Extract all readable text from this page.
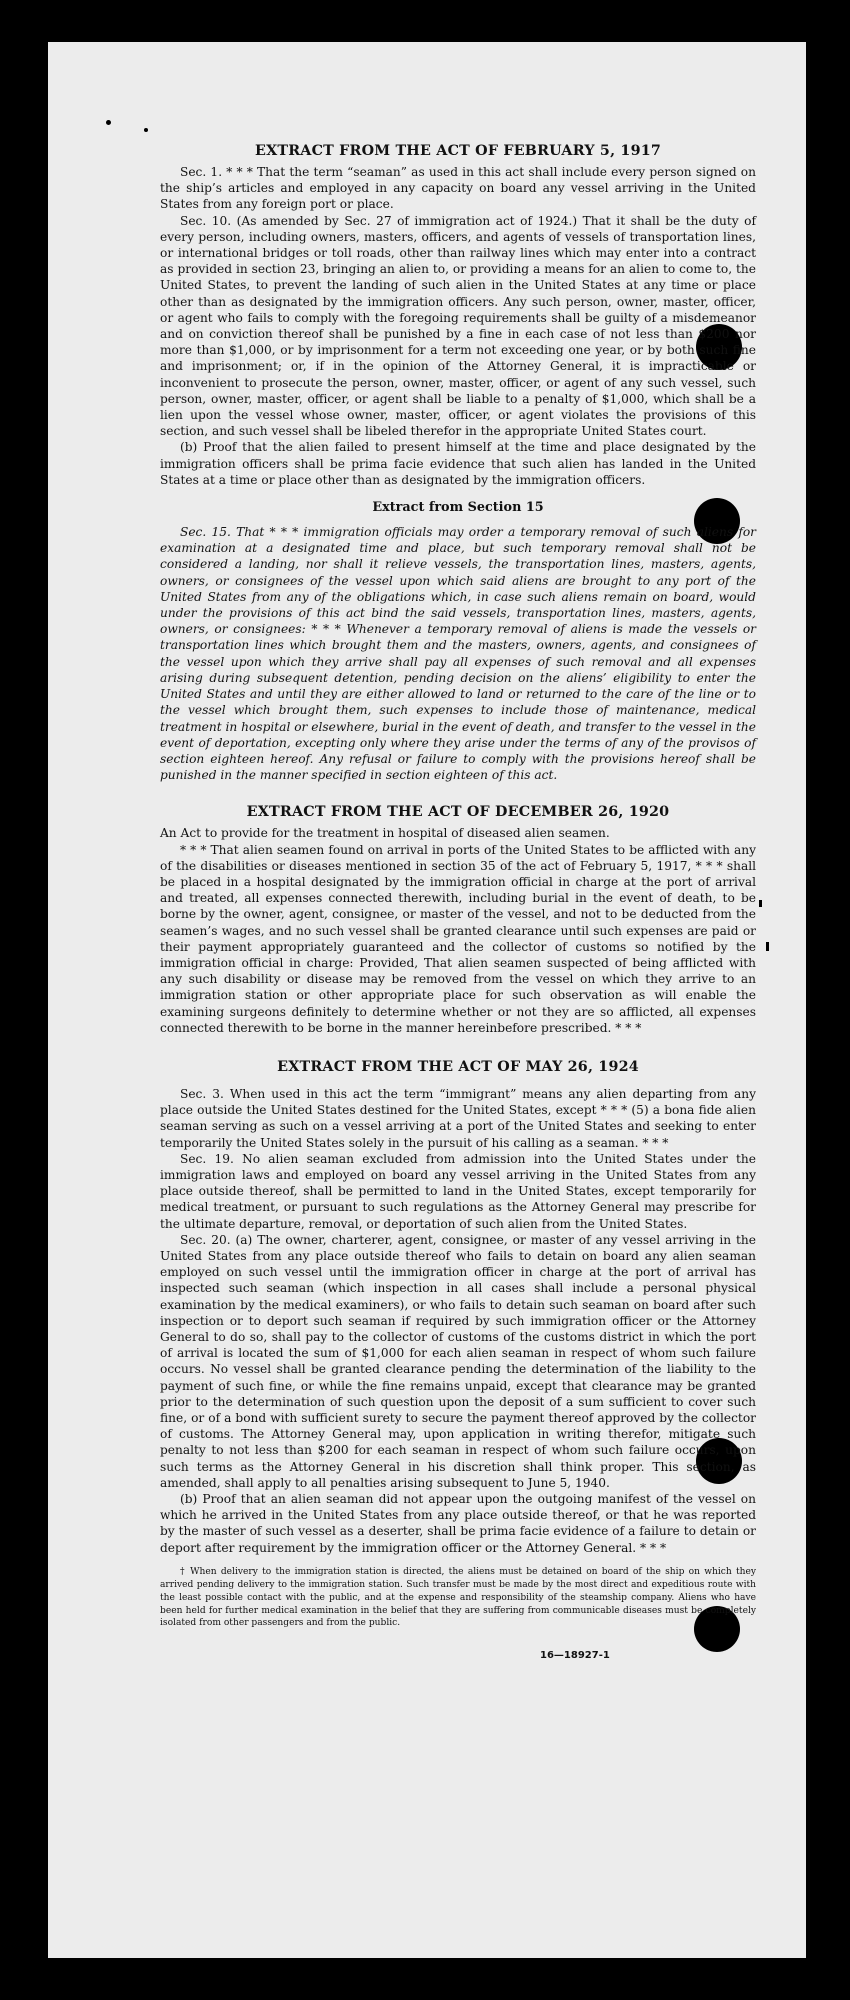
EXTRACT FROM THE ACT OF FEBRUARY 5, 1917

Sec. 1. * * * That the term “seaman” as used in this act shall include every person signed on the ship’s articles and employed in any capacity on board any vessel arriving in the United States from any foreign port or place.

Sec. 10. (As amended by Sec. 27 of immigration act of 1924.) That it shall be the duty of every person, including owners, masters, officers, and agents of vessels of transportation lines, or international bridges or toll roads, other than railway lines which may enter into a contract as provided in section 23, bringing an alien to, or providing a means for an alien to come to, the United States, to prevent the landing of such alien in the United States at any time or place other than as designated by the immigration officers. Any such person, owner, master, officer, or agent who fails to comply with the foregoing requirements shall be guilty of a misdemeanor and on conviction thereof shall be punished by a fine in each case of not less than $200 nor more than $1,000, or by imprisonment for a term not exceeding one year, or by both such fine and imprisonment; or, if in the opinion of the Attorney General, it is impracticable or inconvenient to prosecute the person, owner, master, officer, or agent of any such vessel, such person, owner, master, officer, or agent shall be liable to a penalty of $1,000, which shall be a lien upon the vessel whose owner, master, officer, or agent violates the provisions of this section, and such vessel shall be libeled therefor in the appropriate United States court.

(b) Proof that the alien failed to present himself at the time and place designated by the immigration officers shall be prima facie evidence that such alien has landed in the United States at a time or place other than as designated by the immigration officers.

Extract from Section 15

Sec. 15. That * * * immigration officials may order a temporary removal of such aliens for examination at a designated time and place, but such temporary removal shall not be considered a landing, nor shall it relieve vessels, the transportation lines, masters, agents, owners, or consignees of the vessel upon which said aliens are brought to any port of the United States from any of the obligations which, in case such aliens remain on board, would under the provisions of this act bind the said vessels, transportation lines, masters, agents, owners, or consignees: * * * Whenever a temporary removal of aliens is made the vessels or transportation lines which brought them and the masters, owners, agents, and consignees of the vessel upon which they arrive shall pay all expenses of such removal and all expenses arising during subsequent detention, pending decision on the aliens’ eligibility to enter the United States and until they are either allowed to land or returned to the care of the line or to the vessel which brought them, such expenses to include those of maintenance, medical treatment in hospital or elsewhere, burial in the event of death, and transfer to the vessel in the event of deportation, excepting only where they arise under the terms of any of the provisos of section eighteen hereof. Any refusal or failure to comply with the provisions hereof shall be punished in the manner specified in section eighteen of this act.

EXTRACT FROM THE ACT OF DECEMBER 26, 1920

An Act to provide for the treatment in hospital of diseased alien seamen.

* * * That alien seamen found on arrival in ports of the United States to be afflicted with any of the disabilities or diseases mentioned in section 35 of the act of February 5, 1917, * * * shall be placed in a hospital designated by the immigration official in charge at the port of arrival and treated, all expenses connected therewith, including burial in the event of death, to be borne by the owner, agent, consignee, or master of the vessel, and not to be deducted from the seamen’s wages, and no such vessel shall be granted clearance until such expenses are paid or their payment appropriately guaranteed and the collector of customs so notified by the immigration official in charge: Provided, That alien seamen suspected of being afflicted with any such disability or disease may be removed from the vessel on which they arrive to an immigration station or other appropriate place for such observation as will enable the examining surgeons definitely to determine whether or not they are so afflicted, all expenses connected therewith to be borne in the manner hereinbefore prescribed. * * *

EXTRACT FROM THE ACT OF MAY 26, 1924

Sec. 3. When used in this act the term “immigrant” means any alien departing from any place outside the United States destined for the United States, except * * * (5) a bona fide alien seaman serving as such on a vessel arriving at a port of the United States and seeking to enter temporarily the United States solely in the pursuit of his calling as a seaman. * * *

Sec. 19. No alien seaman excluded from admission into the United States under the immigration laws and employed on board any vessel arriving in the United States from any place outside thereof, shall be permitted to land in the United States, except temporarily for medical treatment, or pursuant to such regulations as the Attorney General may prescribe for the ultimate departure, removal, or deportation of such alien from the United States.

Sec. 20. (a) The owner, charterer, agent, consignee, or master of any vessel arriving in the United States from any place outside thereof who fails to detain on board any alien seaman employed on such vessel until the immigration officer in charge at the port of arrival has inspected such seaman (which inspection in all cases shall include a personal physical examination by the medical examiners), or who fails to detain such seaman on board after such inspection or to deport such seaman if required by such immigration officer or the Attorney General to do so, shall pay to the collector of customs of the customs district in which the port of arrival is located the sum of $1,000 for each alien seaman in respect of whom such failure occurs. No vessel shall be granted clearance pending the determination of the liability to the payment of such fine, or while the fine remains unpaid, except that clearance may be granted prior to the determination of such question upon the deposit of a sum sufficient to cover such fine, or of a bond with sufficient surety to secure the payment thereof approved by the collector of customs. The Attorney General may, upon application in writing therefor, mitigate such penalty to not less than $200 for each seaman in respect of whom such failure occurs, upon such terms as the Attorney General in his discretion shall think proper. This section, as amended, shall apply to all penalties arising subsequent to June 5, 1940.

(b) Proof that an alien seaman did not appear upon the outgoing manifest of the vessel on which he arrived in the United States from any place outside thereof, or that he was reported by the master of such vessel as a deserter, shall be prima facie evidence of a failure to detain or deport after requirement by the immigration officer or the Attorney General. * * *

† When delivery to the immigration station is directed, the aliens must be detained on board of the ship on which they arrived pending delivery to the immigration station. Such transfer must be made by the most direct and expeditious route with the least possible contact with the public, and at the expense and responsibility of the steamship company. Aliens who have been held for further medical examination in the belief that they are suffering from communicable diseases must be completely isolated from other passengers and from the public.

16—18927-1
